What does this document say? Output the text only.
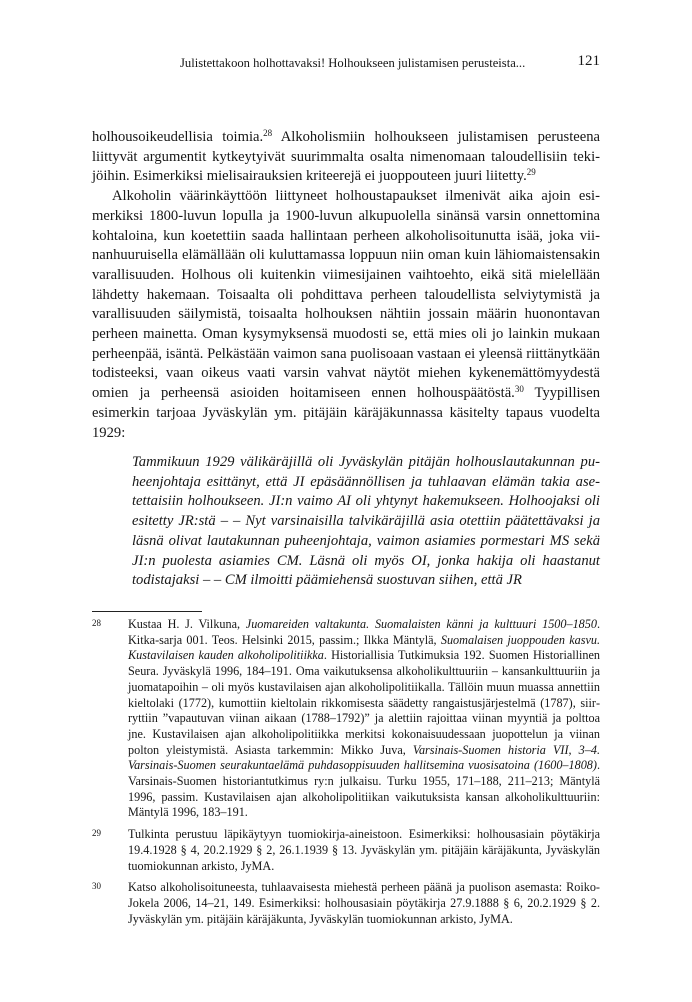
Julistettakoon holhottavaksi! Holhoukseen julistamisen perusteista...	121

holhousoikeudellisia toimia.$^{28}$ Alkoholismiin holhoukseen julistamisen perusteena liittyvät argumentit kytkeytyivät suurimmalta osalta nimenomaan taloudellisiin tekijöihin. Esimerkiksi mielisairauksien kriteerejä ei juoppouteen juuri liitetty.$^{29}$

Alkoholin väärinkäyttöön liittyneet holhoustapaukset ilmenivät aika ajoin esimerkiksi 1800-luvun lopulla ja 1900-luvun alkupuolella sinänsä varsin onnettomina kohtaloina, kun koetettiin saada hallintaan perheen alkoholisoitunutta isää, joka viinanhuuruisella elämällään oli kuluttamassa loppuun niin oman kuin lähiomaistensakin varallisuuden. Holhous oli kuitenkin viimesijainen vaihtoehto, eikä sitä mielellään lähdetty hakemaan. Toisaalta oli pohdittava perheen taloudellista selviytymistä ja varallisuuden säilymistä, toisaalta holhouksen nähtiin jossain määrin huonontavan perheen mainetta. Oman kysymyksensä muodosti se, että mies oli jo lainkin mukaan perheenpää, isäntä. Pelkästään vaimon sana puolisoaan vastaan ei yleensä riittänytkään todisteeksi, vaan oikeus vaati varsin vahvat näytöt miehen kykenemättömyydestä omien ja perheensä asioiden hoitamiseen ennen holhouspäätöstä.$^{30}$ Tyypillisen esimerkin tarjoaa Jyväskylän ym. pitäjäin käräjäkunnassa käsitelty tapaus vuodelta 1929:

Tammikuun 1929 välikäräjillä oli Jyväskylän pitäjän holhouslautakunnan puheenjohtaja esittänyt, että JI epäsäännöllisen ja tuhlaavan elämän takia asetettaisiin holhoukseen. JI:n vaimo AI oli yhtynyt hakemukseen. Holhoojaksi oli esitetty JR:stä – – Nyt varsinaisilla talvikäräjillä asia otettiin päätettävaksi ja läsnä olivat lautakunnan puheenjohtaja, vaimon asiamies pormestari MS sekä JI:n puolesta asiamies CM. Läsnä oli myös OI, jonka hakija oli haastanut todistajaksi – – CM ilmoitti päämiehensä suostuvan siihen, että JR

28 Kustaa H. J. Vilkuna, Juomareiden valtakunta. Suomalaisten känni ja kulttuuri 1500–1850. Kitka-sarja 001. Teos. Helsinki 2015, passim.; Ilkka Mäntylä, Suomalaisen juoppouden kasvu. Kustavilaisen kauden alkoholipolitiikka. Historiallisia Tutkimuksia 192. Suomen Historiallinen Seura. Jyväskylä 1996, 184–191. Oma vaikutuksensa alkoholikulttuuriin – kansankulttuuriin ja juomatapoihin – oli myös kustavilaisen ajan alkoholipolitiikalla. Tällöin muun muassa annettiin kieltolaki (1772), kumottiin kieltolain rikkomisesta säädetty rangaistusjärjestelmä (1787), siirryttiin ”vapautuvan viinan aikaan (1788–1792)” ja alettiin rajoittaa viinan myyntiä ja polttoa jne. Kustavilaisen ajan alkoholipolitiikka merkitsi kokonaisuudessaan juopottelun ja viinan polton yleistymistä. Asiasta tarkemmin: Mikko Juva, Varsinais-Suomen historia VII, 3–4. Varsinais-Suomen seurakuntaelämä puhdasoppisuuden hallitsemina vuosisatoina (1600–1808). Varsinais-Suomen historiantutkimus ry:n julkaisu. Turku 1955, 171–188, 211–213; Mäntylä 1996, passim. Kustavilaisen ajan alkoholipolitiikan vaikutuksista kansan alkoholikulttuuriin: Mäntylä 1996, 183–191.
29 Tulkinta perustuu läpikäytyyn tuomiokirja-aineistoon. Esimerkiksi: holhousasiain pöytäkirja 19.4.1928 § 4, 20.2.1929 § 2, 26.1.1939 § 13. Jyväskylän ym. pitäjäin käräjäkunta, Jyväskylän tuomiokunnan arkisto, JyMA.
30 Katso alkoholisoituneesta, tuhlaavaisesta miehestä perheen päänä ja puolison asemasta: Roiko-Jokela 2006, 14–21, 149. Esimerkiksi: holhousasiain pöytäkirja 27.9.1888 § 6, 20.2.1929 § 2. Jyväskylän ym. pitäjäin käräjäkunta, Jyväskylän tuomiokunnan arkisto, JyMA.
